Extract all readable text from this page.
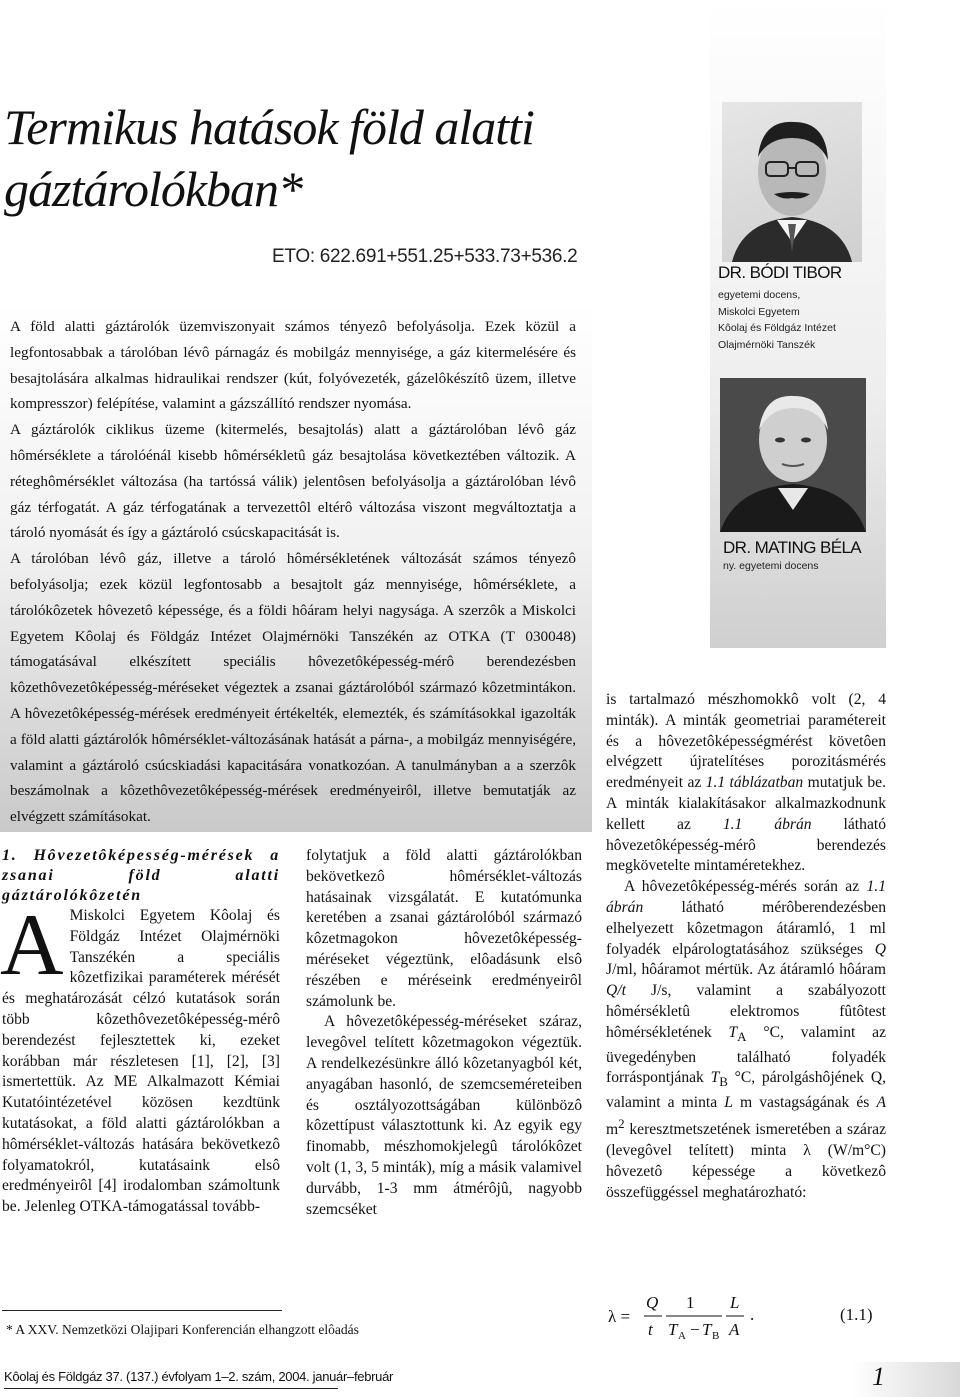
Termikus hatások föld alatti
gáztárolókban*
ETO: 622.691+551.25+533.73+536.2

A föld alatti gáztárolók üzemviszonyait számos tényezô befolyásolja. Ezek közül a legfontosabbak a tárolóban lévô párnagáz és mobilgáz mennyisége, a gáz kitermelésére és besajtolására alkalmas hidraulikai rendszer (kút, folyóvezeték, gázelôkészítô üzem, illetve kompresszor) felépítése, valamint a gázszállító rendszer nyomása.

A gáztárolók ciklikus üzeme (kitermelés, besajtolás) alatt a gáztárolóban lévô gáz hômérséklete a tárolóénál kisebb hômérsékletû gáz besajtolása következtében változik. A réteghômérséklet változása (ha tartóssá válik) jelentôsen befolyásolja a gáztárolóban lévô gáz térfogatát. A gáz térfogatának a tervezettôl eltérô változása viszont megváltoztatja a tároló nyomását és így a gáztároló csúcskapacitását is.

A tárolóban lévô gáz, illetve a tároló hômérsékletének változását számos tényezô befolyásolja; ezek közül legfontosabb a besajtolt gáz mennyisége, hômérséklete, a tárolókôzetek hôvezetô képessége, és a földi hôáram helyi nagysága. A szerzôk a Miskolci Egyetem Kôolaj és Földgáz Intézet Olajmérnöki Tanszékén az OTKA (T 030048) támogatásával elkészített speciális hôvezetôképesség-mérô berendezésben kôzethôvezetôképesség-méréseket végeztek a zsanai gáztárolóból származó kôzetmintákon. A hôvezetôképesség-mérések eredményeit értékelték, elemezték, és számításokkal igazolták a föld alatti gáztárolók hômérséklet-változásának hatását a párna-, a mobilgáz mennyiségére, valamint a gáztároló csúcskiadási kapacitására vonatkozóan. A tanulmányban a a szerzôk beszámolnak a kôzethôvezetôképesség-mérések eredményeirôl, illetve bemutatják az elvégzett számításokat.

DR. BÓDI TIBOR
egyetemi docens,
Miskolci Egyetem
Kôolaj és Földgáz Intézet
Olajmérnöki Tanszék
DR. MATING BÉLA
ny. egyetemi docens

1. Hôvezetôképesség-mérések a zsanai föld alatti gáztárolókôzetén

A Miskolci Egyetem Kôolaj és Földgáz Intézet Olajmérnöki Tanszékén a speciális kôzetfizikai paraméterek mérését és meghatározását célzó kutatások során több kôzethôvezetôképesség-mérô berendezést fejlesztettek ki, ezeket korábban már részletesen [1], [2], [3] ismertettük. Az ME Alkalmazott Kémiai Kutatóintézetével közösen kezdtünk kutatásokat, a föld alatti gáztárolókban a hômérséklet-változás hatására bekövetkezô folyamatokról, kutatásaink elsô eredményeirôl [4] irodalomban számoltunk be. Jelenleg OTKA-támogatással tovább-

folytatjuk a föld alatti gáztárolókban bekövetkezô hômérséklet-változás hatásainak vizsgálatát. E kutatómunka keretében a zsanai gáztárolóból származó kôzetmagokon hôvezetôképesség-méréseket végeztünk, elôadásunk elsô részében e méréseink eredményeirôl számolunk be.

A hôvezetôképesség-méréseket száraz, levegôvel telített kôzetmagokon végeztük. A rendelkezésünkre álló kôzetanyagból két, anyagában hasonló, de szemcseméreteiben és osztályozottságában különbözô kôzettípust választottunk ki. Az egyik egy finomabb, mészhomokjelegû tárolókôzet volt (1, 3, 5 minták), míg a másik valamivel durvább, 1-3 mm átmérôjû, nagyobb szemcséket

is tartalmazó mészhomokkô volt (2, 4 minták). A minták geometriai paramétereit és a hôvezetôképességmérést követôen elvégzett újratelítéses porozitásmérés eredményeit az 1.1 táblázatban mutatjuk be. A minták kialakításakor alkalmazkodnunk kellett az 1.1 ábrán látható hôvezetôképesség-mérô berendezés megkövetelte mintaméretekhez.

A hôvezetôképesség-mérés során az 1.1 ábrán látható mérôberendezésben elhelyezett kôzetmagon átáramló, 1 ml folyadék elpárologtatásához szükséges Q J/ml, hôáramot mértük. Az átáramló hôáram Q/t J/s, valamint a szabályozott hômérsékletû elektromos fûtôtest hômérsékletének $T_A$ °C, valamint az üvegedényben található folyadék forráspontjának $T_B$ °C, párolgáshôjének Q, valamint a minta L m vastagságának és A $m^2$ keresztmetszetének ismeretében a száraz (levegôvel telített) minta λ (W/m°C) hôvezetô képessége a következô összefüggéssel meghatározható:

λ =
Q
t
1
T A − T B
L
A
.	(1.1)
* A XXV. Nemzetközi Olajipari Konferencián elhangzott elôadás
Kôolaj és Földgáz 37. (137.) évfolyam 1–2. szám, 2004. január–február	1
